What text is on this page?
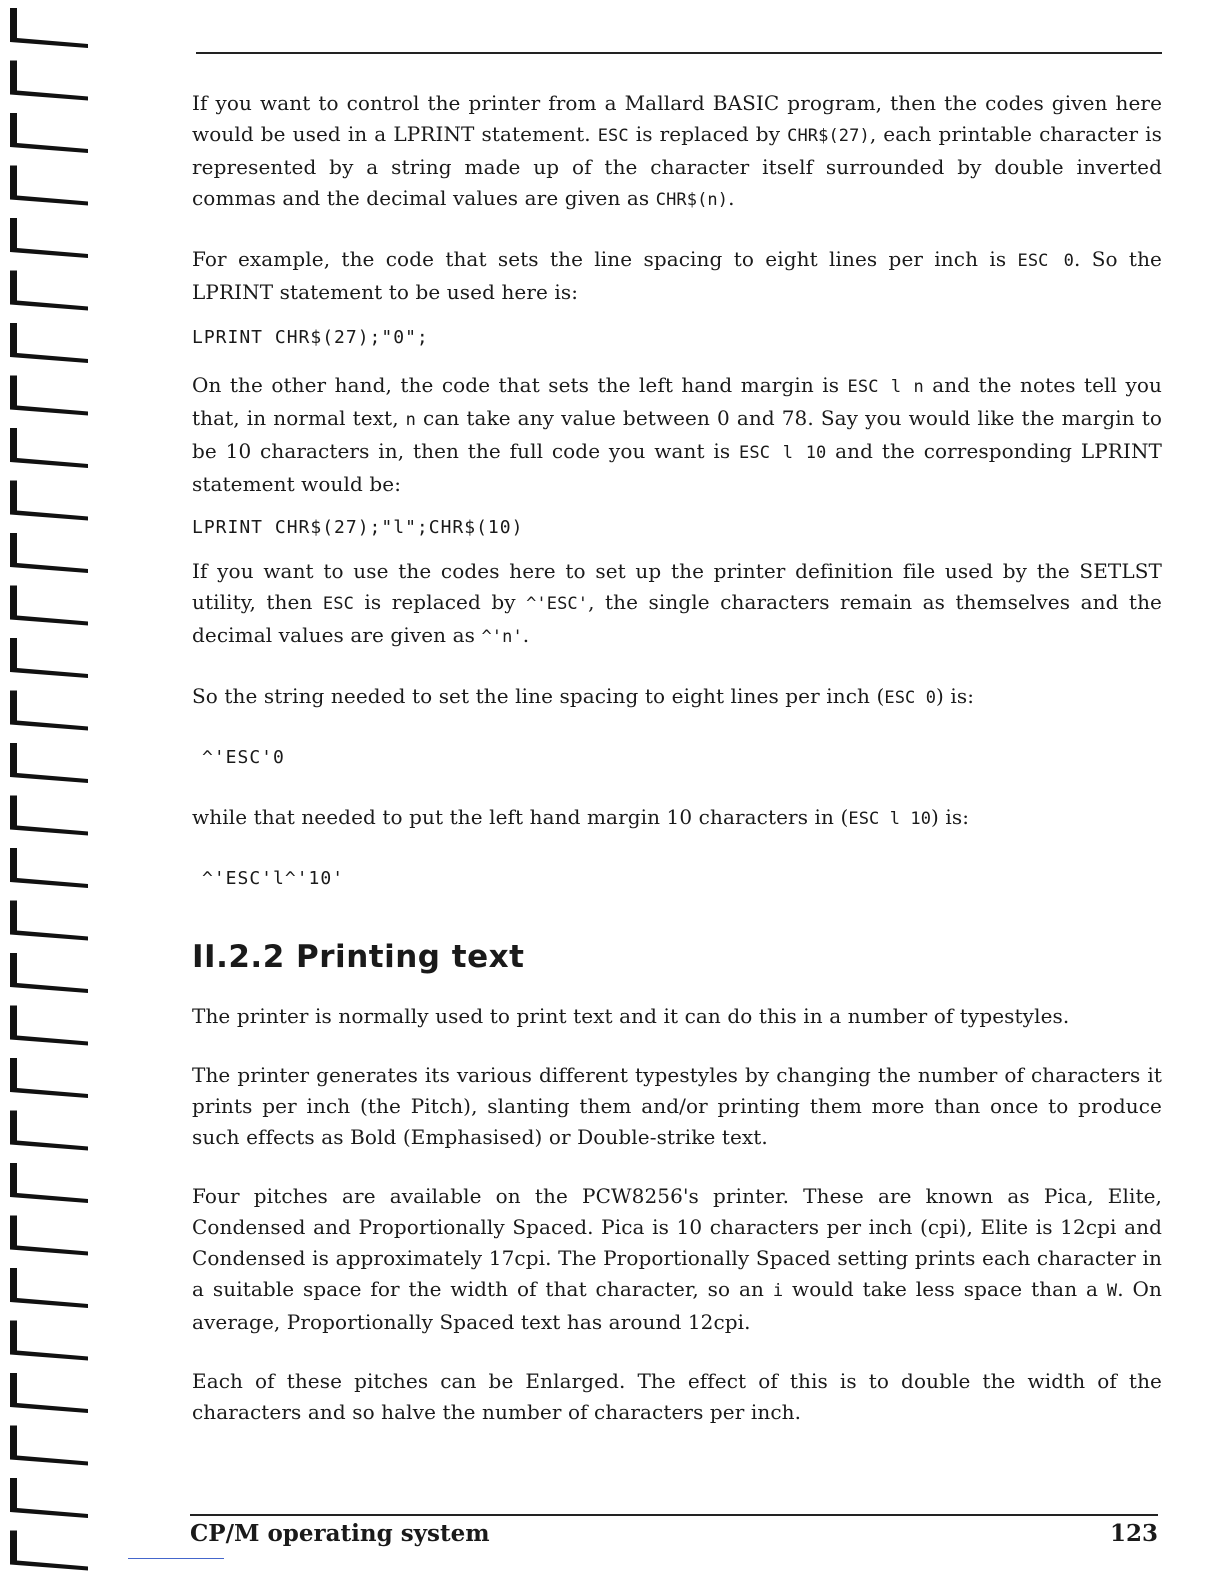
If you want to control the printer from a Mallard BASIC program, then the codes given here would be used in a LPRINT statement. ESC is replaced by CHR$(27), each printable character is represented by a string made up of the character itself surrounded by double inverted commas and the decimal values are given as CHR$(n).

For example, the code that sets the line spacing to eight lines per inch is ESC 0. So the LPRINT statement to be used here is:

LPRINT CHR$(27);"0";

On the other hand, the code that sets the left hand margin is ESC l n and the notes tell you that, in normal text, n can take any value between 0 and 78. Say you would like the margin to be 10 characters in, then the full code you want is ESC l 10 and the corresponding LPRINT statement would be:

LPRINT CHR$(27);"l";CHR$(10)

If you want to use the codes here to set up the printer definition file used by the SETLST utility, then ESC is replaced by ^'ESC', the single characters remain as themselves and the decimal values are given as ^'n'.

So the string needed to set the line spacing to eight lines per inch (ESC 0) is:

^'ESC'0

while that needed to put the left hand margin 10 characters in (ESC l 10) is:

^'ESC'l^'10'
II.2.2 Printing text

The printer is normally used to print text and it can do this in a number of typestyles.

The printer generates its various different typestyles by changing the number of characters it prints per inch (the Pitch), slanting them and/or printing them more than once to produce such effects as Bold (Emphasised) or Double-strike text.

Four pitches are available on the PCW8256's printer. These are known as Pica, Elite, Condensed and Proportionally Spaced. Pica is 10 characters per inch (cpi), Elite is 12cpi and Condensed is approximately 17cpi. The Proportionally Spaced setting prints each character in a suitable space for the width of that character, so an i would take less space than a W. On average, Proportionally Spaced text has around 12cpi.

Each of these pitches can be Enlarged. The effect of this is to double the width of the characters and so halve the number of characters per inch.

CP/M operating system	123
